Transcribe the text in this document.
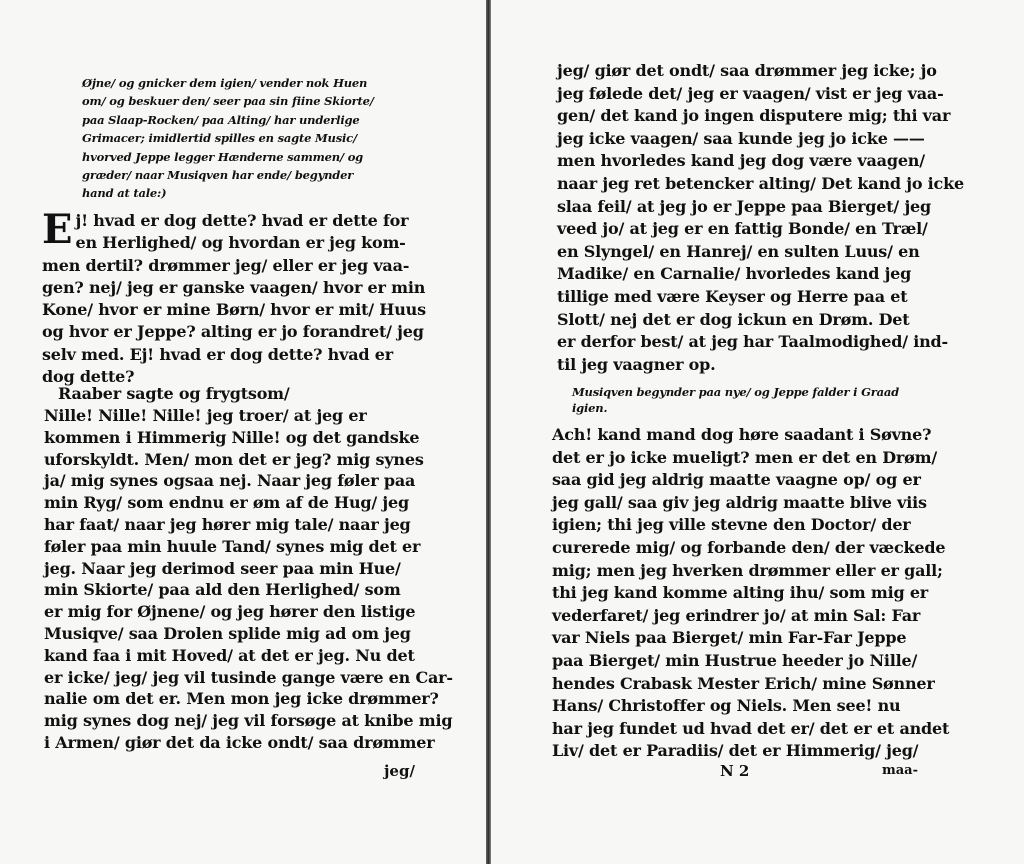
Øjne/ og gnicker dem igien/ vender nok Huen
om/ og beskuer den/ seer paa sin fiine Skiorte/
paa Slaap-Rocken/ paa Alting/ har underlige
Grimacer; imidlertid spilles en sagte Music/
hvorved Jeppe legger Hænderne sammen/ og
græder/ naar Musiqven har ende/ begynder
hand at tale:)
E j! hvad er dog dette? hvad er dette for
en Herlighed/ og hvordan er jeg kom-
men dertil? drømmer jeg/ eller er jeg vaa-
gen? nej/ jeg er ganske vaagen/ hvor er min
Kone/ hvor er mine Børn/ hvor er mit/ Huus
og hvor er Jeppe? alting er jo forandret/ jeg
selv med. Ej! hvad er dog dette? hvad er
dog dette?
Raaber sagte og frygtsom/
Nille! Nille! Nille! jeg troer/ at jeg er
kommen i Himmerig Nille! og det gandske
uforskyldt. Men/ mon det er jeg? mig synes
ja/ mig synes ogsaa nej. Naar jeg føler paa
min Ryg/ som endnu er øm af de Hug/ jeg
har faat/ naar jeg hører mig tale/ naar jeg
føler paa min huule Tand/ synes mig det er
jeg. Naar jeg derimod seer paa min Hue/
min Skiorte/ paa ald den Herlighed/ som
er mig for Øjnene/ og jeg hører den listige
Musiqve/ saa Drolen splide mig ad om jeg
kand faa i mit Hoved/ at det er jeg. Nu det
er icke/ jeg/ jeg vil tusinde gange være en Car-
nalie om det er. Men mon jeg icke drømmer?
mig synes dog nej/ jeg vil forsøge at knibe mig
i Armen/ giør det da icke ondt/ saa drømmer
jeg/
jeg/ giør det ondt/ saa drømmer jeg icke; jo
jeg følede det/ jeg er vaagen/ vist er jeg vaa-
gen/ det kand jo ingen disputere mig; thi var
jeg icke vaagen/ saa kunde jeg jo icke ——
men hvorledes kand jeg dog være vaagen/
naar jeg ret betencker alting/ Det kand jo icke
slaa feil/ at jeg jo er Jeppe paa Bierget/ jeg
veed jo/ at jeg er en fattig Bonde/ en Træl/
en Slyngel/ en Hanrej/ en sulten Luus/ en
Madike/ en Carnalie/ hvorledes kand jeg
tillige med være Keyser og Herre paa et
Slott/ nej det er dog ickun en Drøm. Det
er derfor best/ at jeg har Taalmodighed/ ind-
til jeg vaagner op.
Musiqven begynder paa nye/ og Jeppe falder i Graad
igien.
Ach! kand mand dog høre saadant i Søvne?
det er jo icke mueligt? men er det en Drøm/
saa gid jeg aldrig maatte vaagne op/ og er
jeg gall/ saa giv jeg aldrig maatte blive viis
igien; thi jeg ville stevne den Doctor/ der
curerede mig/ og forbande den/ der væckede
mig; men jeg hverken drømmer eller er gall;
thi jeg kand komme alting ihu/ som mig er
vederfaret/ jeg erindrer jo/ at min Sal: Far
var Niels paa Bierget/ min Far-Far Jeppe
paa Bierget/ min Hustrue heeder jo Nille/
hendes Crabask Mester Erich/ mine Sønner
Hans/ Christoffer og Niels. Men see! nu
har jeg fundet ud hvad det er/ det er et andet
Liv/ det er Paradiis/ det er Himmerig/ jeg/
N 2	maa-
